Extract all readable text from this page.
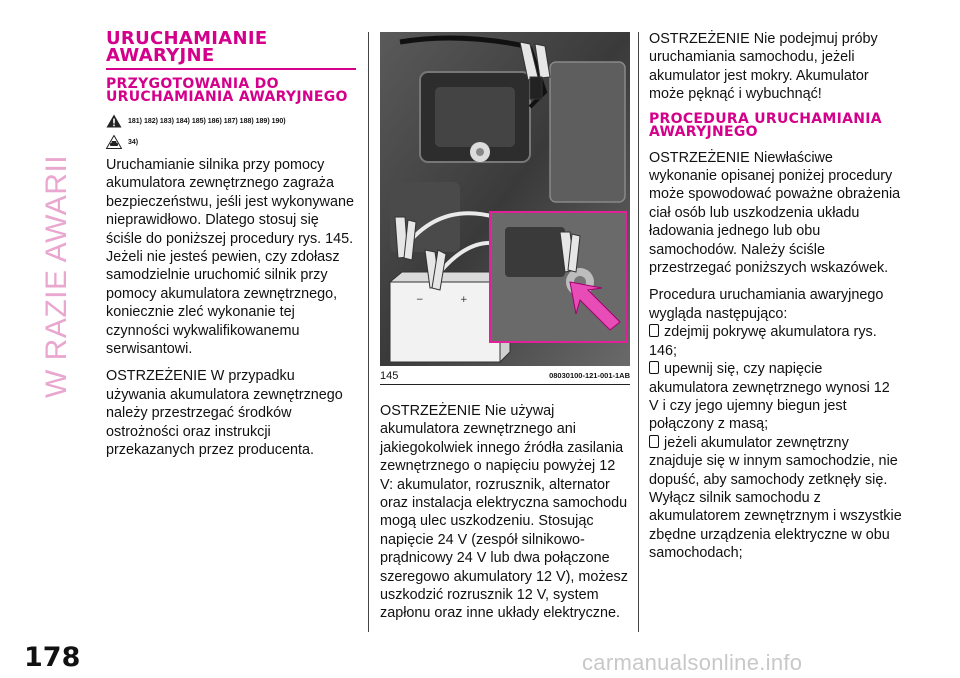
W RAZIE AWARII
URUCHAMIANIE AWARYJNE
PRZYGOTOWANIA DO URUCHAMIANIA AWARYJNEGO
181) 182) 183) 184) 185) 186) 187) 188) 189) 190)
34)

Uruchamianie silnika przy pomocy akumulatora zewnętrznego zagraża bezpieczeństwu, jeśli jest wykonywane nieprawidłowo. Dlatego stosuj się ściśle do poniższej procedury rys. 145. Jeżeli nie jesteś pewien, czy zdołasz samodzielnie uruchomić silnik przy pomocy akumulatora zewnętrznego, koniecznie zleć wykonanie tej czynności wykwalifikowanemu serwisantowi.

OSTRZEŻENIE W przypadku używania akumulatora zewnętrznego należy przestrzegać środków ostrożności oraz instrukcji przekazanych przez producenta.

−	+
145	08030100-121-001-1AB

OSTRZEŻENIE Nie używaj akumulatora zewnętrznego ani jakiegokolwiek innego źródła zasilania zewnętrznego o napięciu powyżej 12 V: akumulator, rozrusznik, alternator oraz instalacja elektryczna samochodu mogą ulec uszkodzeniu. Stosując napięcie 24 V (zespół silnikowo-prądnicowy 24 V lub dwa połączone szeregowo akumulatory 12 V), możesz uszkodzić rozrusznik 12 V, system zapłonu oraz inne układy elektryczne.

OSTRZEŻENIE Nie podejmuj próby uruchamiania samochodu, jeżeli akumulator jest mokry. Akumulator może pęknąć i wybuchnąć!

PROCEDURA URUCHAMIANIA AWARYJNEGO

OSTRZEŻENIE Niewłaściwe wykonanie opisanej poniżej procedury może spowodować poważne obrażenia ciał osób lub uszkodzenia układu ładowania jednego lub obu samochodów. Należy ściśle przestrzegać poniższych wskazówek.

Procedura uruchamiania awaryjnego wygląda następująco:

zdejmij pokrywę akumulatora rys. 146;
upewnij się, czy napięcie akumulatora zewnętrznego wynosi 12 V i czy jego ujemny biegun jest połączony z masą;
jeżeli akumulator zewnętrzny znajduje się w innym samochodzie, nie dopuść, aby samochody zetknęły się. Wyłącz silnik samochodu z akumulatorem zewnętrznym i wszystkie zbędne urządzenia elektryczne w obu samochodach;
178	carmanualsonline.info
